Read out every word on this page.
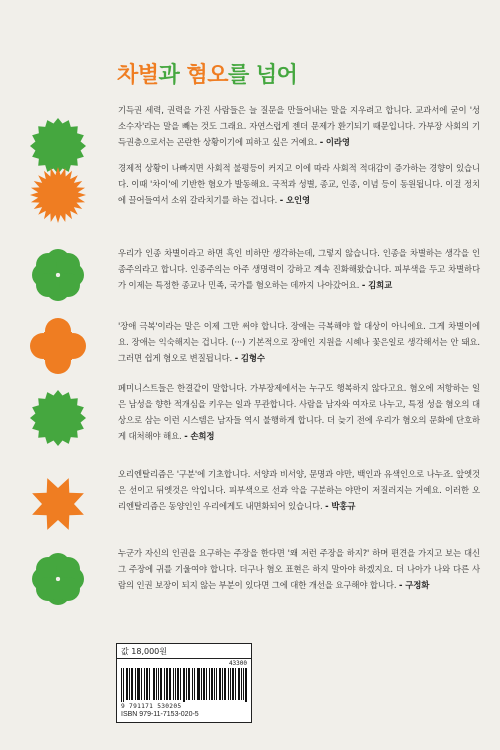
차별과 혐오를 넘어
기득권 세력, 권력을 가진 사람들은 늘 질문을 만들어내는 말을 지우려고 합니다. 교과서에 굳이 '성 소수자'라는 말을 빼는 것도 그래요. 자연스럽게 젠더 문제가 환기되기 때문입니다. 가부장 사회의 기득권층으로서는 곤란한 상황이기에 피하고 싶은 거예요. - 이라영
경제적 상황이 나빠지면 사회적 불평등이 커지고 이에 따라 사회적 적대감이 증가하는 경향이 있습니다. 이때 '차이'에 기반한 혐오가 발동해요. 국적과 성별, 종교, 인종, 이념 등이 동원됩니다. 이걸 정치에 끌어들여서 소위 갈라치기를 하는 겁니다. - 오인영
우리가 인종 차별이라고 하면 흑인 비하만 생각하는데, 그렇지 않습니다. 인종을 차별하는 생각을 인종주의라고 합니다. 인종주의는 아주 생명력이 강하고 계속 진화해왔습니다. 피부색을 두고 차별하다가 이제는 특정한 종교나 민족, 국가를 혐오하는 데까지 나아갔어요. - 김희교
'장애 극복'이라는 말은 이제 그만 써야 합니다. 장애는 극복해야 할 대상이 아니에요. 그게 차별이에요. 장애는 익숙해지는 겁니다. (···) 기본적으로 장애인 지원을 시혜나 꽃은일로 생각해서는 안 돼요. 그러면 쉽게 혐오로 변질됩니다. - 김형수
페미니스트들은 한결같이 말합니다. 가부장제에서는 누구도 행복하지 않다고요. 혐오에 저항하는 일은 남성을 향한 적개심을 키우는 일과 무관합니다. 사람을 남자와 여자로 나누고, 특정 성을 혐오의 대상으로 삼는 이런 시스템은 남자들 역시 불행하게 합니다. 더 늦기 전에 우리가 혐오의 문화에 단호하게 대처해야 해요. - 손희정
오리엔탈리즘은 '구분'에 기초합니다. 서양과 비서양, 문명과 야만, 백인과 유색인으로 나누죠. 앞엣것은 선이고 뒤엣것은 악입니다. 피부색으로 선과 악을 구분하는 야만이 저질러지는 거예요. 이러한 오리엔탈리즘은 동양인인 우리에게도 내면화되어 있습니다. - 박홍규
누군가 자신의 인권을 요구하는 주장을 한다면 '왜 저런 주장을 하지?' 하며 편견을 가지고 보는 대신 그 주장에 귀를 기울여야 합니다. 더구나 혐오 표현은 하지 말아야 하겠지요. 더 나아가 나와 다른 사람의 인권 보장이 되지 않는 부분이 있다면 그에 대한 개선을 요구해야 합니다. - 구정화
값 18,000원
43300
9 791171 530205
ISBN 979-11-7153-020-5
